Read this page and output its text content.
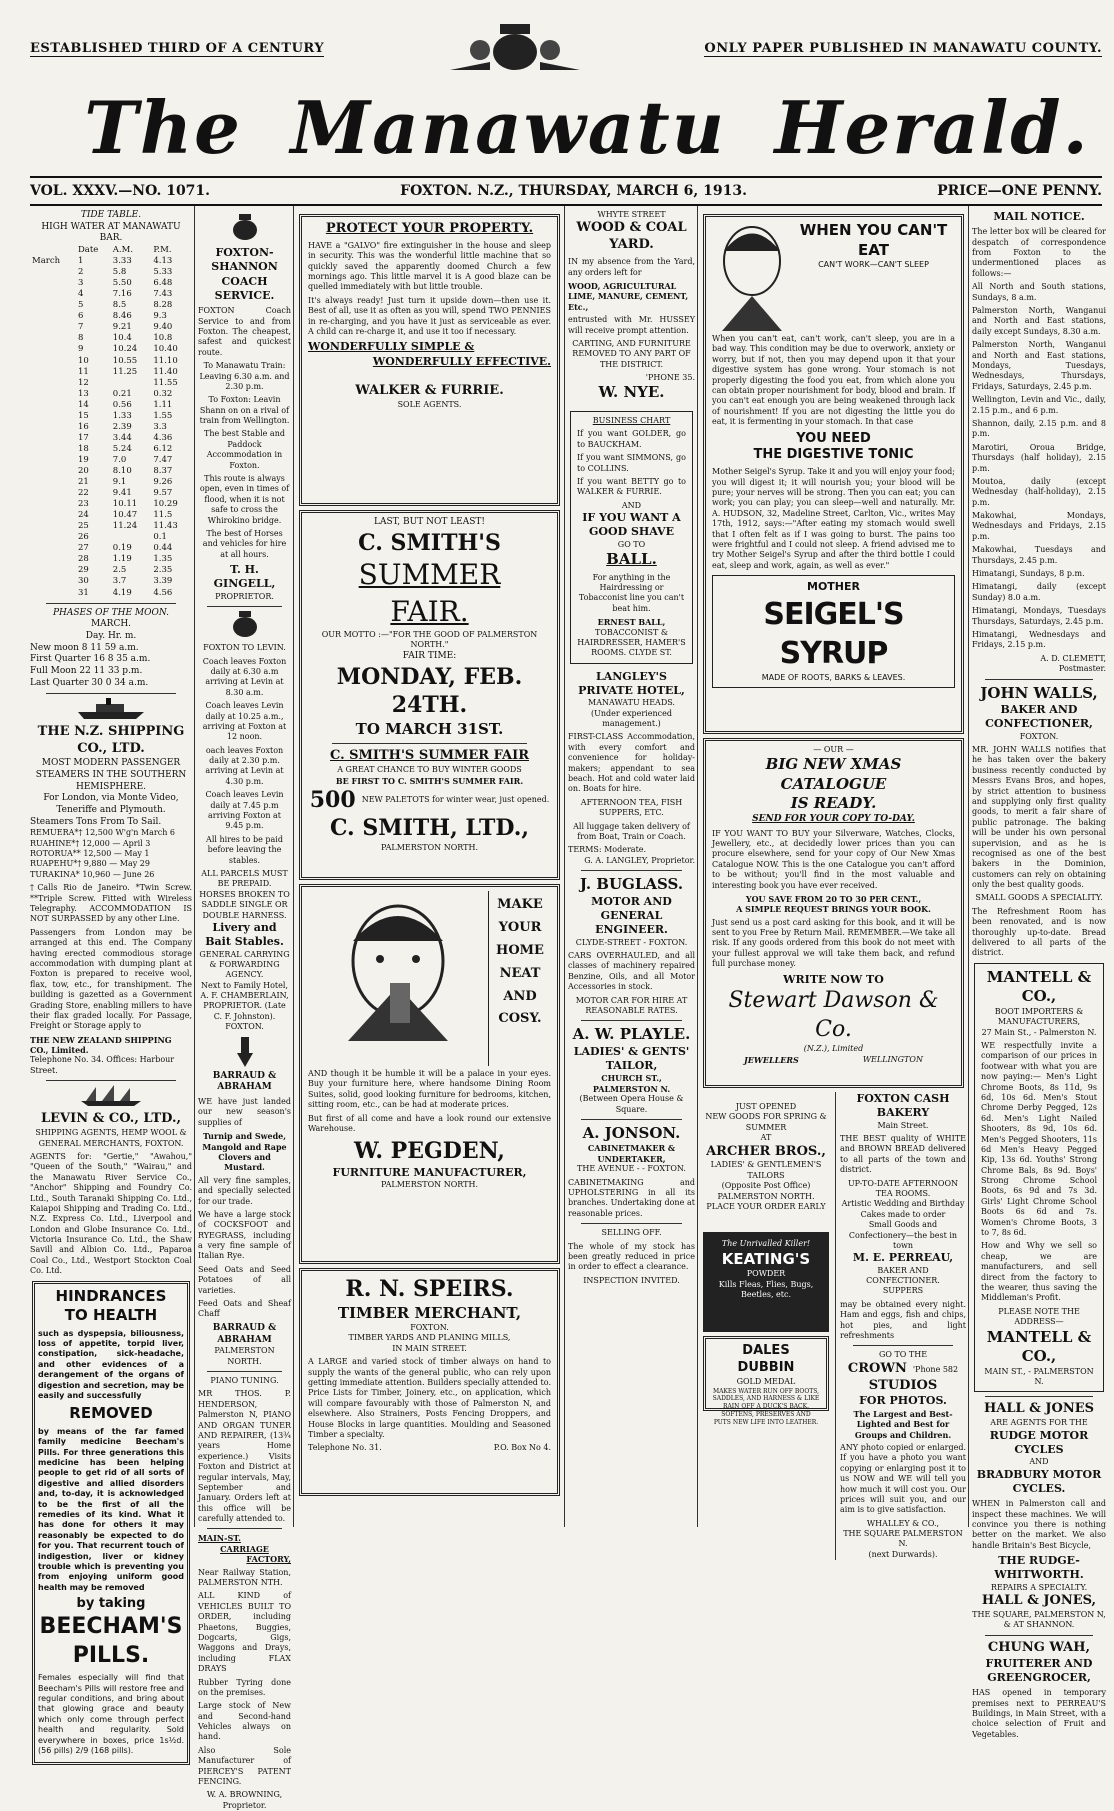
ESTABLISHED THIRD OF A CENTURY	ONLY PAPER PUBLISHED IN MANAWATU COUNTY.
The Manawatu Herald.
VOL. XXXV.—NO. 1071.	FOXTON. N.Z., THURSDAY, MARCH 6, 1913.	PRICE—ONE PENNY.
TIDE TABLE.
HIGH WATER AT MANAWATU BAR.
	Date	A.M.	P.M.
March	1	3.33	4.13
	2	5.8	5.33
	3	5.50	6.48
	4	7.16	7.43
	5	8.5	8.28
	6	8.46	9.3
	7	9.21	9.40
	8	10.4	10.8
	9	10.24	10.40
	10	10.55	11.10
	11	11.25	11.40
	12		11.55
	13	0.21	0.32
	14	0.56	1.11
	15	1.33	1.55
	16	2.39	3.3
	17	3.44	4.36
	18	5.24	6.12
	19	7.0	7.47
	20	8.10	8.37
	21	9.1	9.26
	22	9.41	9.57
	23	10.11	10.29
	24	10.47	11.5
	25	11.24	11.43
	26		0.1
	27	0.19	0.44
	28	1.19	1.35
	29	2.5	2.35
	30	3.7	3.39
	31	4.19	4.56
PHASES OF THE MOON.
MARCH.
Day. Hr. m.
New moon 8 11 59 a.m.
First Quarter 16 8 35 a.m.
Full Moon 22 11 33 p.m.
Last Quarter 30 0 34 a.m.
THE N.Z. SHIPPING CO., LTD.
MOST MODERN PASSENGER STEAMERS IN THE SOUTHERN HEMISPHERE.
For London, via Monte Video, Teneriffe and Plymouth.
Steamers Tons From To Sail.
REMUERA*† 12,500 W'g'n March 6
RUAHINE*† 12,000 — April 3
ROTORUA** 12,500 — May 1
RUAPEHU*† 9,880 — May 29
TURAKINA* 10,960 — June 26

†Calls Rio de Janeiro. *Twin Screw. **Triple Screw. Fitted with Wireless Telegraphy. ACCOMMODATION IS NOT SURPASSED by any other Line.

Passengers from London may be arranged at this end. The Company having erected commodious storage accommodation with dumping plant at Foxton is prepared to receive wool, flax, tow, etc., for transhipment. The building is gazetted as a Government Grading Store, enabling millers to have their flax graded locally. For Passage, Freight or Storage apply to

THE NEW ZEALAND SHIPPING CO., Limited.
Telephone No. 34. Offices: Harbour Street.
LEVIN & CO., LTD.,
SHIPPING AGENTS, HEMP WOOL & GENERAL MERCHANTS, FOXTON.

AGENTS for: "Gertie," "Awahou," "Queen of the South," "Wairau," and the Manawatu River Service Co., "Anchor" Shipping and Foundry Co. Ltd., South Taranaki Shipping Co. Ltd., Kaiapoi Shipping and Trading Co. Ltd., N.Z. Express Co. Ltd., Liverpool and London and Globe Insurance Co. Ltd., Victoria Insurance Co. Ltd., the Shaw Savill and Albion Co. Ltd., Paparoa Coal Co., Ltd., Westport Stockton Coal Co. Ltd.

HINDRANCES
TO HEALTH

such as dyspepsia, biliousness, loss of appetite, torpid liver, constipation, sick-headache, and other evidences of a derangement of the organs of digestion and secretion, may be easily and successfully

REMOVED

by means of the far famed family medicine Beecham's Pills. For three generations this medicine has been helping people to get rid of all sorts of digestive and allied disorders and, to-day, it is acknowledged to be the first of all the remedies of its kind. What it has done for others it may reasonably be expected to do for you. That recurrent touch of indigestion, liver or kidney trouble which is preventing you from enjoying uniform good health may be removed

by taking
BEECHAM'S
PILLS.

Females especially will find that Beecham's Pills will restore free and regular conditions, and bring about that glowing grace and beauty which only come through perfect health and regularity. Sold everywhere in boxes, price 1s½d. (56 pills) 2/9 (168 pills).

FOXTON-SHANNON COACH SERVICE.

FOXTON Coach Service to and from Foxton. The cheapest, safest and quickest route.

To Manawatu Train: Leaving 6.30 a.m. and 2.30 p.m.

To Foxton: Leavin Shann on on a rival of train from Wellington.

The best Stable and Paddock Accommodation in Foxton.

This route is always open, even in times of flood, when it is not safe to cross the Whirokino bridge.

The best of Horses and vehicles for hire at all hours.

T. H. GINGELL,
PROPRIETOR.
FOXTON TO LEVIN.

Coach leaves Foxton daily at 6.30 a.m arriving at Levin at 8.30 a.m.

Coach leaves Levin daily at 10.25 a.m., arriving at Foxton at 12 noon.

oach leaves Foxton daily at 2.30 p.m. arriving at Levin at 4.30 p.m.

Coach leaves Levin daily at 7.45 p.m arriving Foxton at 9.45 p.m.

All hires to be paid before leaving the stables.

ALL PARCELS MUST BE PREPAID.
HORSES BROKEN TO SADDLE SINGLE OR DOUBLE HARNESS.
Livery and Bait Stables.
GENERAL CARRYING & FORWARDING AGENCY.
Next to Family Hotel,
A. F. CHAMBERLAIN, PROPRIETOR. (Late C. F. Johnston). FOXTON.
BARRAUD & ABRAHAM

WE have just landed our new season's supplies of

Turnip and Swede, Mangold and Rape Clovers and Mustard.

All very fine samples, and specially selected for our trade.

We have a large stock of COCKSFOOT and RYEGRASS, including a very fine sample of Italian Rye.

Seed Oats and Seed Potatoes of all varieties.

Feed Oats and Sheaf Chaff

BARRAUD & ABRAHAM
PALMERSTON NORTH.
PIANO TUNING.

MR THOS. P. HENDERSON, Palmerston N, PIANO AND ORGAN TUNER AND REPAIRER, (13¾ years Home experience.) Visits Foxton and District at regular intervals, May, September and January. Orders left at this office will be carefully attended to.

MAIN-ST.
CARRIAGE
FACTORY,

Near Railway Station, PALMERSTON NTH.

ALL KIND of VEHICLES BUILT TO ORDER, including Phaetons, Buggies, Dogcarts, Gigs, Waggons and Drays, including FLAX DRAYS

Rubber Tyring done on the premises.

Large stock of New and Second-hand Vehicles always on hand.

Also Sole Manufacturer of PIERCEY'S PATENT FENCING.

W. A. BROWNING,
Proprietor.
PROTECT YOUR PROPERTY.

HAVE a "GALVO" fire extinguisher in the house and sleep in security. This was the wonderful little machine that so quickly saved the apparently doomed Church a few mornings ago. This little marvel it is A good blaze can be quelled immediately with but little trouble.

It's always ready! Just turn it upside down—then use it. Best of all, use it as often as you will, spend TWO PENNIES in re-charging, and you have it just as serviceable as ever. A child can re-charge it, and use it too if necessary.

WONDERFULLY SIMPLE &
WONDERFULLY EFFECTIVE.
WALKER & FURRIE.
SOLE AGENTS.
LAST, BUT NOT LEAST!
C. SMITH'S
SUMMER
FAIR.
OUR MOTTO :—"FOR THE GOOD OF PALMERSTON NORTH."
FAIR TIME:
MONDAY, FEB. 24TH.
TO MARCH 31ST.
C. SMITH'S SUMMER FAIR
A GREAT CHANCE TO BUY WINTER GOODS
BE FIRST TO C. SMITH'S SUMMER FAIR.
500 NEW PALETOTS for winter wear, just opened.
C. SMITH, LTD.,
PALMERSTON NORTH.
MAKE
YOUR
HOME
NEAT
AND
COSY.

AND though it be humble it will be a palace in your eyes. Buy your furniture here, where handsome Dining Room Suites, solid, good looking furniture for bedrooms, kitchen, sitting room, etc., can be had at moderate prices.

But first of all come and have a look round our extensive Warehouse.

W. PEGDEN,
FURNITURE MANUFACTURER,
PALMERSTON NORTH.
R. N. SPEIRS.
TIMBER MERCHANT,
FOXTON.
TIMBER YARDS AND PLANING MILLS,
IN MAIN STREET.

A LARGE and varied stock of timber always on hand to supply the wants of the general public, who can rely upon getting immediate attention. Builders specially attended to. Price Lists for Timber, Joinery, etc., on application, which will compare favourably with those of Palmerston N, and elsewhere. Also Strainers, Posts Fencing Droppers, and House Blocks in large quantities. Moulding and Seasoned Timber a specialty.

Telephone No. 31.	P.O. Box No 4.
WHYTE STREET
WOOD & COAL YARD.

IN my absence from the Yard, any orders left for

WOOD, AGRICULTURAL LIME, MANURE, CEMENT, Etc.,

entrusted with Mr. HUSSEY will receive prompt attention.

CARTING, AND FURNITURE REMOVED TO ANY PART OF THE DISTRICT.

'PHONE 35.
W. NYE.
BUSINESS CHART

If you want GOLDER, go to BAUCKHAM.

If you want SIMMONS, go to COLLINS.

If you want BETTY go to WALKER & FURRIE.

AND
IF YOU WANT A GOOD SHAVE
GO TO
BALL.

For anything in the Hairdressing or Tobacconist line you can't beat him.

ERNEST BALL,
TOBACCONIST & HAIRDRESSER, HAMER'S ROOMS. CLYDE ST.
LANGLEY'S PRIVATE HOTEL,
MANAWATU HEADS.
(Under experienced management.)

FIRST-CLASS Accommodation, with every comfort and convenience for holiday-makers; appendant to sea beach. Hot and cold water laid on. Boats for hire.

AFTERNOON TEA, FISH SUPPERS, ETC.

All luggage taken delivery of from Boat, Train or Coach.

TERMS: Moderate.
G. A. LANGLEY, Proprietor.
J. BUGLASS.
MOTOR AND GENERAL ENGINEER.
CLYDE-STREET - FOXTON.

CARS OVERHAULED, and all classes of machinery repaired Benzine, Oils, and all Motor Accessories in stock.

MOTOR CAR FOR HIRE AT REASONABLE RATES.
A. W. PLAYLE.
LADIES' & GENTS' TAILOR,
CHURCH ST., PALMERSTON N.
(Between Opera House & Square.
A. JONSON.
CABINETMAKER & UNDERTAKER,
THE AVENUE - - FOXTON.

CABINETMAKING and UPHOLSTERING in all its branches. Undertaking done at reasonable prices.

SELLING OFF.

The whole of my stock has been greatly reduced in price in order to effect a clearance.

INSPECTION INVITED.
WHEN YOU CAN'T EAT
CAN'T WORK—CAN'T SLEEP

When you can't eat, can't work, can't sleep, you are in a bad way. This condition may be due to overwork, anxiety or worry, but if not, then you may depend upon it that your digestive system has gone wrong. Your stomach is not properly digesting the food you eat, from which alone you can obtain proper nourishment for body, blood and brain. If you can't eat enough you are being weakened through lack of nourishment! If you are not digesting the little you do eat, it is fermenting in your stomach. In that case

YOU NEED
THE DIGESTIVE TONIC

Mother Seigel's Syrup. Take it and you will enjoy your food; you will digest it; it will nourish you; your blood will be pure; your nerves will be strong. Then you can eat; you can work; you can play; you can sleep—well and naturally. Mr. A. HUDSON, 32, Madeline Street, Carlton, Vic., writes May 17th, 1912, says:—"After eating my stomach would swell that I often felt as if I was going to burst. The pains too were frightful and I could not sleep. A friend advised me to try Mother Seigel's Syrup and after the third bottle I could eat, sleep and work, again, as well as ever."

MOTHER
SEIGEL'S SYRUP
MADE OF ROOTS, BARKS & LEAVES.
— OUR —
BIG NEW XMAS CATALOGUE
IS READY.
SEND FOR YOUR COPY TO-DAY.

IF YOU WANT TO BUY your Silverware, Watches, Clocks, Jewellery, etc., at decidedly lower prices than you can procure elsewhere, send for your copy of Our New Xmas Catalogue NOW. This is the one Catalogue you can't afford to be without; you'll find in the most valuable and interesting book you have ever received.

YOU SAVE FROM 20 TO 30 PER CENT.,
A SIMPLE REQUEST BRINGS YOUR BOOK.

Just send us a post card asking for this book, and it will be sent to you Free by Return Mail. REMEMBER.—We take all risk. If any goods ordered from this book do not meet with your fullest approval we will take them back, and refund full purchase money.

WRITE NOW TO
Stewart Dawson & Co.
(N.Z.), Limited
JEWELLERS	WELLINGTON
JUST OPENED
NEW GOODS FOR SPRING & SUMMER
AT
ARCHER BROS.,
LADIES' & GENTLEMEN'S TAILORS
(Opposite Post Office) PALMERSTON NORTH.
PLACE YOUR ORDER EARLY
The Unrivalled Killer!
KEATING'S
POWDER
Kills Fleas, Flies, Bugs, Beetles, etc.
DALES DUBBIN
GOLD MEDAL
MAKES WATER RUN OFF BOOTS, SADDLES, AND HARNESS & LIKE RAIN OFF A DUCK'S BACK. SOFTENS, PRESERVES AND PUTS NEW LIFE INTO LEATHER.
FOXTON CASH BAKERY
Main Street.

THE BEST quality of WHITE and BROWN BREAD delivered to all parts of the town and district.

UP-TO-DATE AFTERNOON TEA ROOMS.
Artistic Wedding and Birthday Cakes made to order
Small Goods and Confectionery—the best in town
M. E. PERREAU,
BAKER AND CONFECTIONER.
SUPPERS

may be obtained every night. Ham and eggs, fish and chips, hot pies, and light refreshments

GO TO THE
CROWN 'Phone 582
STUDIOS
FOR PHOTOS.
The Largest and Best-Lighted and Best for Groups and Children.

ANY photo copied or enlarged. If you have a photo you want copying or enlarging post it to us NOW and WE will tell you how much it will cost you. Our prices will suit you, and our aim is to give satisfaction.

WHALLEY & CO.,
THE SQUARE PALMERSTON N.
(next Durwards).
MAIL NOTICE.

The letter box will be cleared for despatch of correspondence from Foxton to the undermentioned places as follows:—

All North and South stations, Sundays, 8 a.m.

Palmerston North, Wanganui and North and East stations, daily except Sundays, 8.30 a.m.

Palmerston North, Wanganui and North and East stations, Mondays, Tuesdays, Wednesdays, Thursdays, Fridays, Saturdays, 2.45 p.m.

Wellington, Levin and Vic., daily, 2.15 p.m., and 6 p.m.

Shannon, daily, 2.15 p.m. and 8 p.m.

Marotiri, Oroua Bridge, Thursdays (half holiday), 2.15 p.m.

Moutoa, daily (except Wednesday (half-holiday), 2.15 p.m.

Makowhai, Mondays, Wednesdays and Fridays, 2.15 p.m.

Makowhai, Tuesdays and Thursdays, 2.45 p.m.

Himatangi, Sundays, 8 p.m.

Himatangi, daily (except Sunday) 8.0 a.m.

Himatangi, Mondays, Tuesdays Thursdays, Saturdays, 2.45 p.m.

Himatangi, Wednesdays and Fridays, 2.15 p.m.

A. D. CLEMETT,
Postmaster.
JOHN WALLS,
BAKER AND CONFECTIONER,
FOXTON.

MR. JOHN WALLS notifies that he has taken over the bakery business recently conducted by Messrs Evans Bros, and hopes, by strict attention to business and supplying only first quality goods, to merit a fair share of public patronage. The baking will be under his own personal supervision, and as he is recognised as one of the best bakers in the Dominion, customers can rely on obtaining only the best quality goods.

SMALL GOODS A SPECIALITY.

The Refreshment Room has been renovated, and is now thoroughly up-to-date. Bread delivered to all parts of the district.

MANTELL & CO.,
BOOT IMPORTERS & MANUFACTURERS,
27 Main St., - Palmerston N.

WE respectfully invite a comparison of our prices in footwear with what you are now paying:— Men's Light Chrome Boots, 8s 11d, 9s 6d, 10s 6d. Men's Stout Chrome Derby Pegged, 12s 6d. Men's Light Nailed Shooters, 8s 9d, 10s 6d. Men's Pegged Shooters, 11s 6d Men's Heavy Pegged Kip, 13s 6d. Youths' Strong Chrome Bals, 8s 9d. Boys' Strong Chrome School Boots, 6s 9d and 7s 3d. Girls' Light Chrome School Boots 6s 6d and 7s. Women's Chrome Boots, 3 to 7, 8s 6d.

How and Why we sell so cheap, we are manufacturers, and sell direct from the factory to the wearer, thus saving the Middleman's Profit.

PLEASE NOTE THE ADDRESS—
MANTELL & CO.,
MAIN ST., - PALMERSTON N.
HALL & JONES
ARE AGENTS FOR THE
RUDGE MOTOR CYCLES
AND
BRADBURY MOTOR CYCLES.

WHEN in Palmerston call and inspect these machines. We will convince you there is nothing better on the market. We also handle Britain's Best Bicycle,

THE RUDGE-WHITWORTH.
REPAIRS A SPECIALTY.
HALL & JONES,
THE SQUARE, PALMERSTON N, & AT SHANNON.
CHUNG WAH,
FRUITERER AND GREENGROCER,

HAS opened in temporary premises next to PERREAU'S Buildings, in Main Street, with a choice selection of Fruit and Vegetables.
